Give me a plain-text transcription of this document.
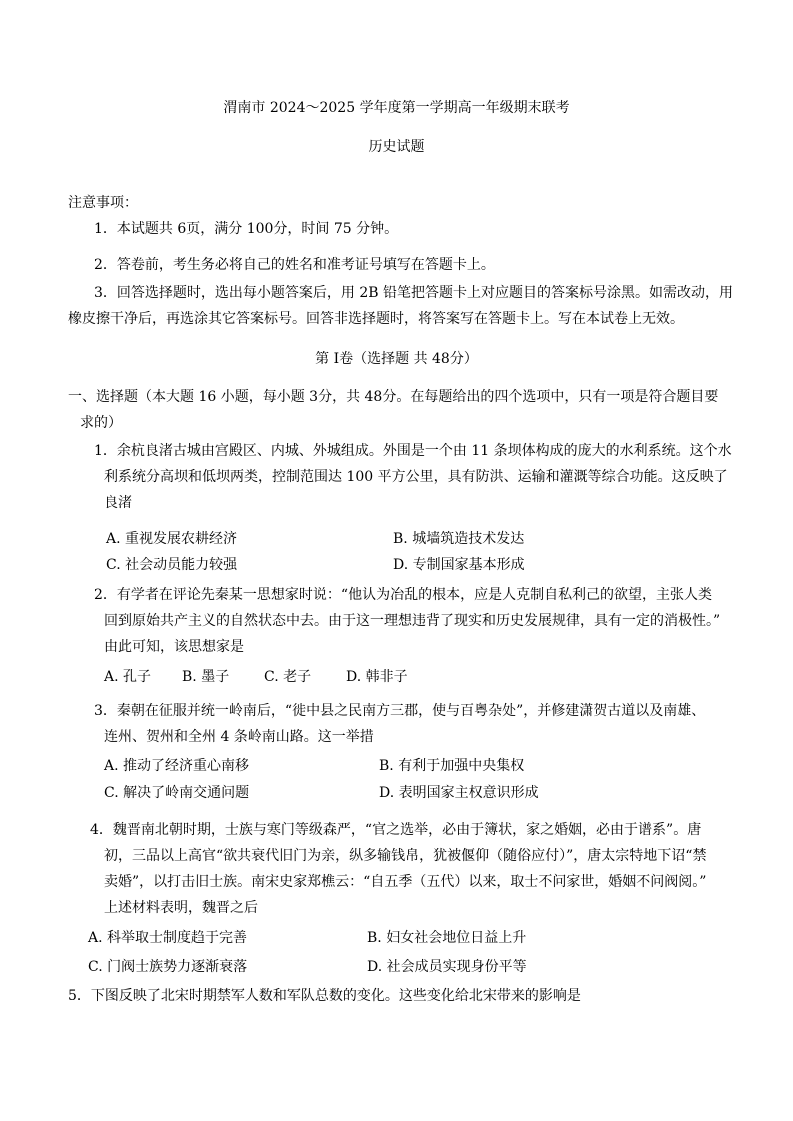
渭南市 2024～2025 学年度第一学期高一年级期末联考
历史试题
注意事项：
1．本试题共 6页，满分 100分，时间 75 分钟。
2．答卷前，考生务必将自己的姓名和准考证号填写在答题卡上。
3．回答选择题时，选出每小题答案后，用 2B 铅笔把答题卡上对应题目的答案标号涂黑。如需改动，用
橡皮擦干净后，再选涂其它答案标号。回答非选择题时，将答案写在答题卡上。写在本试卷上无效。
第 I卷（选择题 共 48分）
一、选择题（本大题 16 小题，每小题 3分，共 48分。在每题给出的四个选项中，只有一项是符合题目要
求的）
1．余杭良渚古城由宫殿区、内城、外城组成。外围是一个由 11 条坝体构成的庞大的水利系统。这个水
利系统分高坝和低坝两类，控制范围达 100 平方公里，具有防洪、运输和灌溉等综合功能。这反映了
良渚
A. 重视发展农耕经济	B. 城墙筑造技术发达
C. 社会动员能力较强	D. 专制国家基本形成
2．有学者在评论先秦某一思想家时说：“他认为冶乱的根本，应是人克制自私利己的欲望，主张人类
回到原始共产主义的自然状态中去。由于这一理想违背了现实和历史发展规律，具有一定的消极性。”
由此可知，该思想家是
A. 孔子 B. 墨子 C. 老子 D. 韩非子
3．秦朝在征服并统一岭南后，“徙中县之民南方三郡，使与百粤杂处”，并修建潇贺古道以及南雄、
连州、贺州和全州 4 条岭南山路。这一举措
A. 推动了经济重心南移	B. 有利于加强中央集权
C. 解决了岭南交通问题	D. 表明国家主权意识形成
4．魏晋南北朝时期，士族与寒门等级森严，“官之选举，必由于簿状，家之婚姻，必由于谱系”。唐
初，三品以上高官“欲共衰代旧门为亲，纵多输钱帛，犹被偃仰（随俗应付）”，唐太宗特地下诏“禁
卖婚”，以打击旧士族。南宋史家郑樵云：“自五季（五代）以来，取士不问家世，婚姻不问阀阅。”
上述材料表明，魏晋之后
A. 科举取士制度趋于完善	B. 妇女社会地位日益上升
C. 门阀士族势力逐渐衰落	D. 社会成员实现身份平等
5．下图反映了北宋时期禁军人数和军队总数的变化。这些变化给北宋带来的影响是
